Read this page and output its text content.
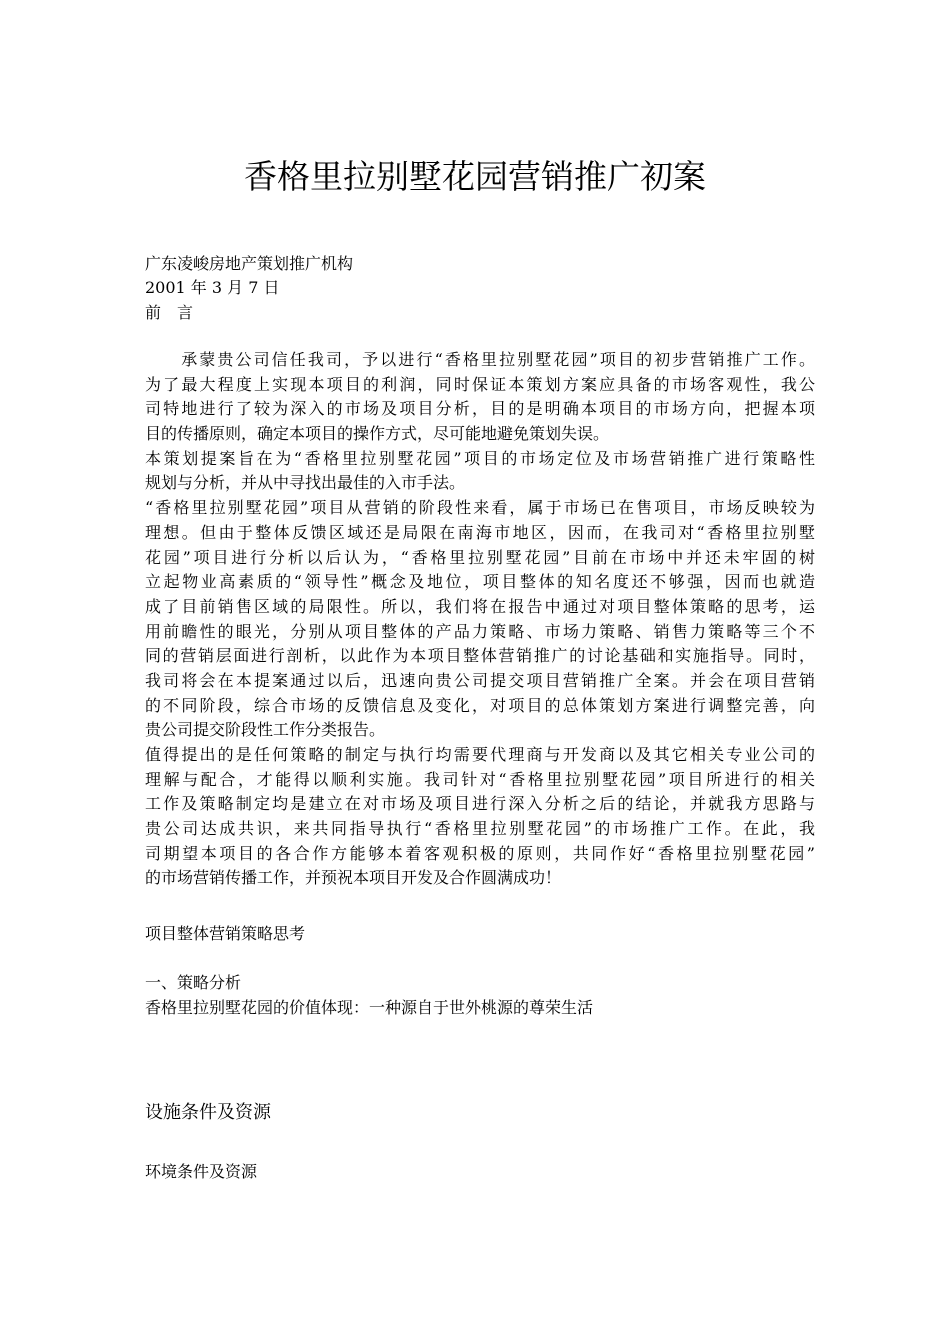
香格里拉别墅花园营销推广初案
广东凌峻房地产策划推广机构
2001 年 3 月 7 日
前　言
　　承蒙贵公司信任我司，予以进行“香格里拉别墅花园”项目的初步营销推广工作。
为了最大程度上实现本项目的利润，同时保证本策划方案应具备的市场客观性，我公
司特地进行了较为深入的市场及项目分析，目的是明确本项目的市场方向，把握本项
目的传播原则，确定本项目的操作方式，尽可能地避免策划失误。
本策划提案旨在为“香格里拉别墅花园”项目的市场定位及市场营销推广进行策略性
规划与分析，并从中寻找出最佳的入市手法。
“香格里拉别墅花园”项目从营销的阶段性来看，属于市场已在售项目，市场反映较为
理想。但由于整体反馈区域还是局限在南海市地区，因而，在我司对“香格里拉别墅
花园”项目进行分析以后认为，“香格里拉别墅花园”目前在市场中并还未牢固的树
立起物业高素质的“领导性”概念及地位，项目整体的知名度还不够强，因而也就造
成了目前销售区域的局限性。所以，我们将在报告中通过对项目整体策略的思考，运
用前瞻性的眼光，分别从项目整体的产品力策略、市场力策略、销售力策略等三个不
同的营销层面进行剖析，以此作为本项目整体营销推广的讨论基础和实施指导。同时，
我司将会在本提案通过以后，迅速向贵公司提交项目营销推广全案。并会在项目营销
的不同阶段，综合市场的反馈信息及变化，对项目的总体策划方案进行调整完善，向
贵公司提交阶段性工作分类报告。
值得提出的是任何策略的制定与执行均需要代理商与开发商以及其它相关专业公司的
理解与配合，才能得以顺利实施。我司针对“香格里拉别墅花园”项目所进行的相关
工作及策略制定均是建立在对市场及项目进行深入分析之后的结论，并就我方思路与
贵公司达成共识，来共同指导执行“香格里拉别墅花园”的市场推广工作。在此，我
司期望本项目的各合作方能够本着客观积极的原则，共同作好“香格里拉别墅花园”
的市场营销传播工作，并预祝本项目开发及合作圆满成功！
项目整体营销策略思考
一、策略分析
香格里拉别墅花园的价值体现：一种源自于世外桃源的尊荣生活
设施条件及资源
环境条件及资源
